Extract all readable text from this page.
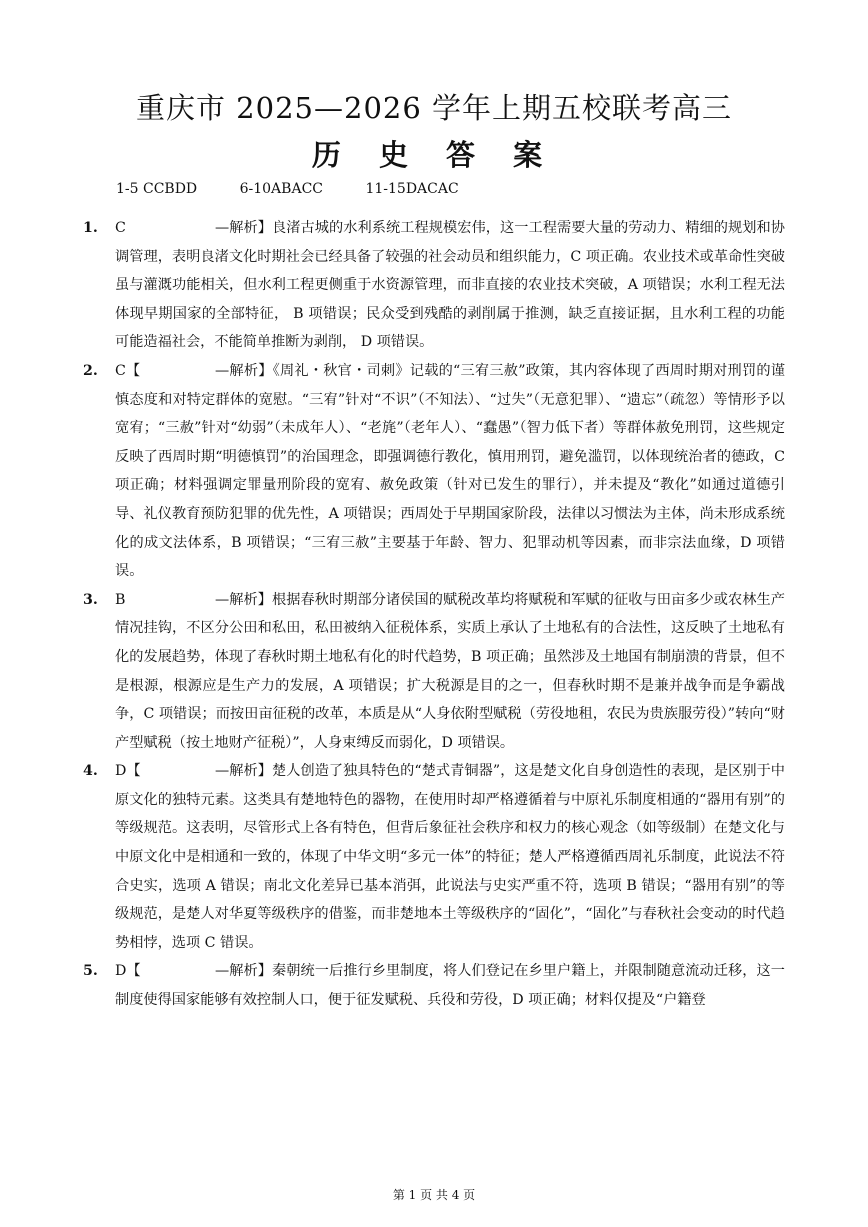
重庆市 2025—2026 学年上期五校联考高三
历 史 答 案
1-5 CCBDD	6-10ABACC	11-15DACAC
1. C	—解析】良渚古城的水利系统工程规模宏伟，这一工程需要大量的劳动力、精细的规划和协调管理，表明良渚文化时期社会已经具备了较强的社会动员和组织能力，C 项正确。农业技术或革命性突破虽与灌溉功能相关，但水利工程更侧重于水资源管理，而非直接的农业技术突破，A 项错误；水利工程无法体现早期国家的全部特征， B 项错误；民众受到残酷的剥削属于推测，缺乏直接证据，且水利工程的功能可能造福社会，不能简单推断为剥削， D 项错误。
2. C【	—解析】《周礼・秋官・司刺》记载的“三宥三赦”政策，其内容体现了西周时期对刑罚的谨慎态度和对特定群体的宽慰。“三宥”针对“不识”（不知法）、“过失”（无意犯罪）、“遗忘”（疏忽）等情形予以宽宥；“三赦”针对“幼弱”（未成年人）、“老旄”（老年人）、“蠢愚”（智力低下者）等群体赦免刑罚，这些规定反映了西周时期“明德慎罚”的治国理念，即强调德行教化，慎用刑罚，避免滥罚，以体现统治者的德政，C 项正确；材料强调定罪量刑阶段的宽宥、赦免政策（针对已发生的罪行），并未提及“教化”如通过道德引导、礼仪教育预防犯罪的优先性，A 项错误；西周处于早期国家阶段，法律以习惯法为主体，尚未形成系统化的成文法体系，B 项错误；“三宥三赦”主要基于年龄、智力、犯罪动机等因素，而非宗法血缘，D 项错误。
3. B	—解析】根据春秋时期部分诸侯国的赋税改革均将赋税和军赋的征收与田亩多少或农林生产情况挂钩，不区分公田和私田，私田被纳入征税体系，实质上承认了土地私有的合法性，这反映了土地私有化的发展趋势，体现了春秋时期土地私有化的时代趋势，B 项正确；虽然涉及土地国有制崩溃的背景，但不是根源，根源应是生产力的发展，A 项错误；扩大税源是目的之一，但春秋时期不是兼并战争而是争霸战争，C 项错误；而按田亩征税的改革，本质是从“人身依附型赋税（劳役地租，农民为贵族服劳役）”转向“财产型赋税（按土地财产征税）”，人身束缚反而弱化，D 项错误。
4. D【	—解析】楚人创造了独具特色的“楚式青铜器”，这是楚文化自身创造性的表现，是区别于中原文化的独特元素。这类具有楚地特色的器物，在使用时却严格遵循着与中原礼乐制度相通的“器用有别”的等级规范。这表明，尽管形式上各有特色，但背后象征社会秩序和权力的核心观念（如等级制）在楚文化与中原文化中是相通和一致的，体现了中华文明“多元一体”的特征；楚人严格遵循西周礼乐制度，此说法不符合史实，选项 A 错误；南北文化差异已基本消弭，此说法与史实严重不符，选项 B 错误；“器用有别”的等级规范，是楚人对华夏等级秩序的借鉴，而非楚地本土等级秩序的“固化”，“固化”与春秋社会变动的时代趋势相悖，选项 C 错误。
5. D【	—解析】秦朝统一后推行乡里制度，将人们登记在乡里户籍上，并限制随意流动迁移，这一制度使得国家能够有效控制人口，便于征发赋税、兵役和劳役，D 项正确；材料仅提及“户籍登
第 1 页 共 4 页
